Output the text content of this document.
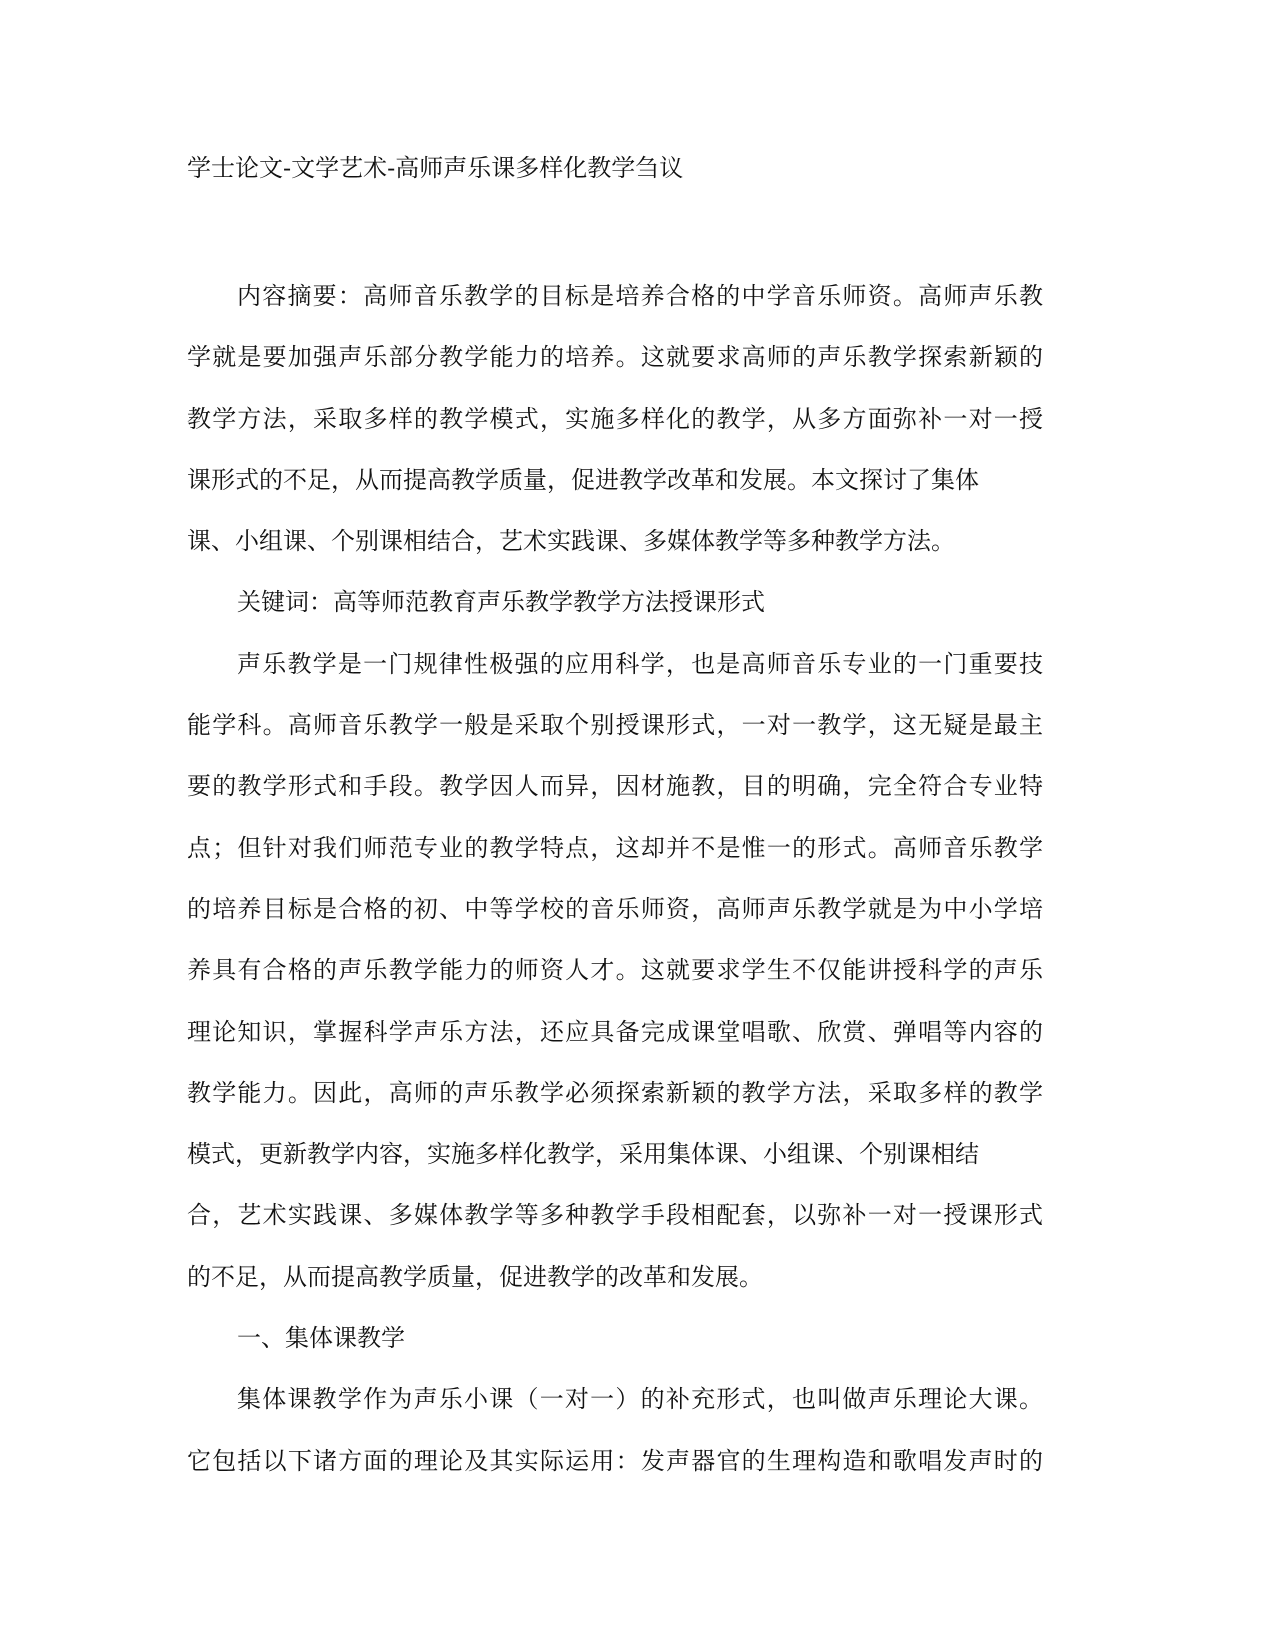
学士论文-文学艺术-高师声乐课多样化教学刍议
内容摘要：高师音乐教学的目标是培养合格的中学音乐师资。高师声乐教
学就是要加强声乐部分教学能力的培养。这就要求高师的声乐教学探索新颖的
教学方法，采取多样的教学模式，实施多样化的教学，从多方面弥补一对一授
课形式的不足，从而提高教学质量，促进教学改革和发展。本文探讨了集体
课、小组课、个别课相结合，艺术实践课、多媒体教学等多种教学方法。
关键词：高等师范教育声乐教学教学方法授课形式
声乐教学是一门规律性极强的应用科学，也是高师音乐专业的一门重要技
能学科。高师音乐教学一般是采取个别授课形式，一对一教学，这无疑是最主
要的教学形式和手段。教学因人而异，因材施教，目的明确，完全符合专业特
点；但针对我们师范专业的教学特点，这却并不是惟一的形式。高师音乐教学
的培养目标是合格的初、中等学校的音乐师资，高师声乐教学就是为中小学培
养具有合格的声乐教学能力的师资人才。这就要求学生不仅能讲授科学的声乐
理论知识，掌握科学声乐方法，还应具备完成课堂唱歌、欣赏、弹唱等内容的
教学能力。因此，高师的声乐教学必须探索新颖的教学方法，采取多样的教学
模式，更新教学内容，实施多样化教学，采用集体课、小组课、个别课相结
合，艺术实践课、多媒体教学等多种教学手段相配套，以弥补一对一授课形式
的不足，从而提高教学质量，促进教学的改革和发展。
一、集体课教学
集体课教学作为声乐小课（一对一）的补充形式，也叫做声乐理论大课。
它包括以下诸方面的理论及其实际运用：发声器官的生理构造和歌唱发声时的
